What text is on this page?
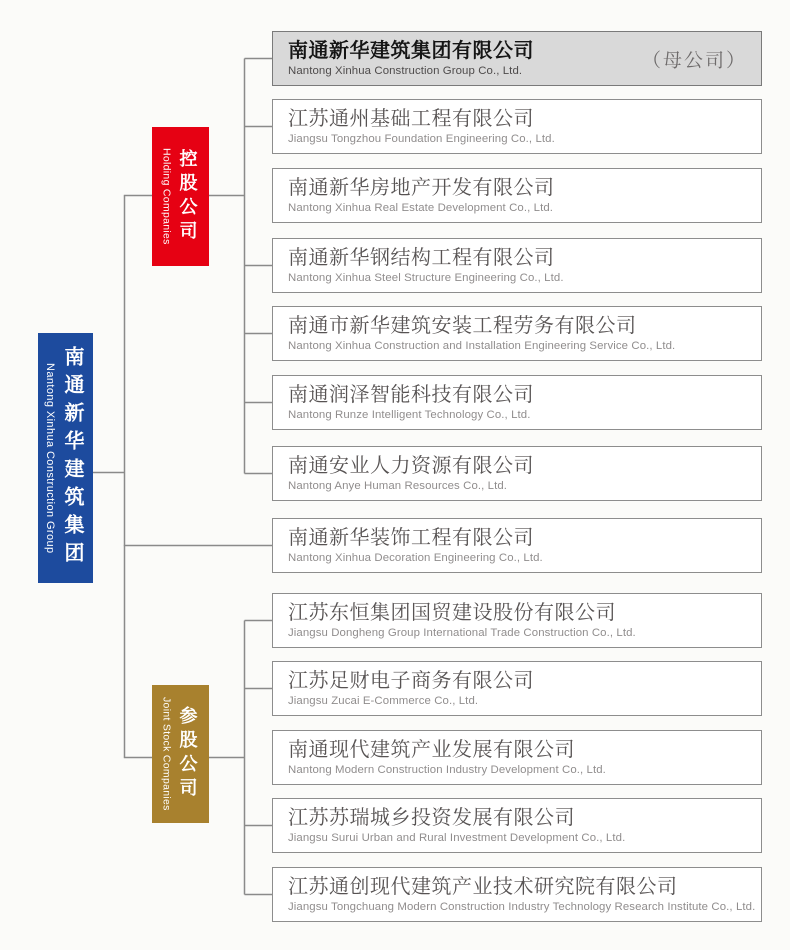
南通新华建筑集团
Nantong Xinhua Construction Group
控股公司
Holding Companies
参股公司
Joint Stock Companies
南通新华建筑集团有限公司
Nantong Xinhua Construction Group Co., Ltd.	（母公司）
江苏通州基础工程有限公司
Jiangsu Tongzhou Foundation Engineering Co., Ltd.
南通新华房地产开发有限公司
Nantong Xinhua Real Estate Development Co., Ltd.
南通新华钢结构工程有限公司
Nantong Xinhua Steel Structure Engineering Co., Ltd.
南通市新华建筑安装工程劳务有限公司
Nantong Xinhua Construction and Installation Engineering Service Co., Ltd.
南通润泽智能科技有限公司
Nantong Runze Intelligent Technology Co., Ltd.
南通安业人力资源有限公司
Nantong Anye Human Resources Co., Ltd.
南通新华装饰工程有限公司
Nantong Xinhua Decoration Engineering Co., Ltd.
江苏东恒集团国贸建设股份有限公司
Jiangsu Dongheng Group International Trade Construction Co., Ltd.
江苏足财电子商务有限公司
Jiangsu Zucai E-Commerce Co., Ltd.
南通现代建筑产业发展有限公司
Nantong Modern Construction Industry Development Co., Ltd.
江苏苏瑞城乡投资发展有限公司
Jiangsu Surui Urban and Rural Investment Development Co., Ltd.
江苏通创现代建筑产业技术研究院有限公司
Jiangsu Tongchuang Modern Construction Industry Technology Research Institute Co., Ltd.
